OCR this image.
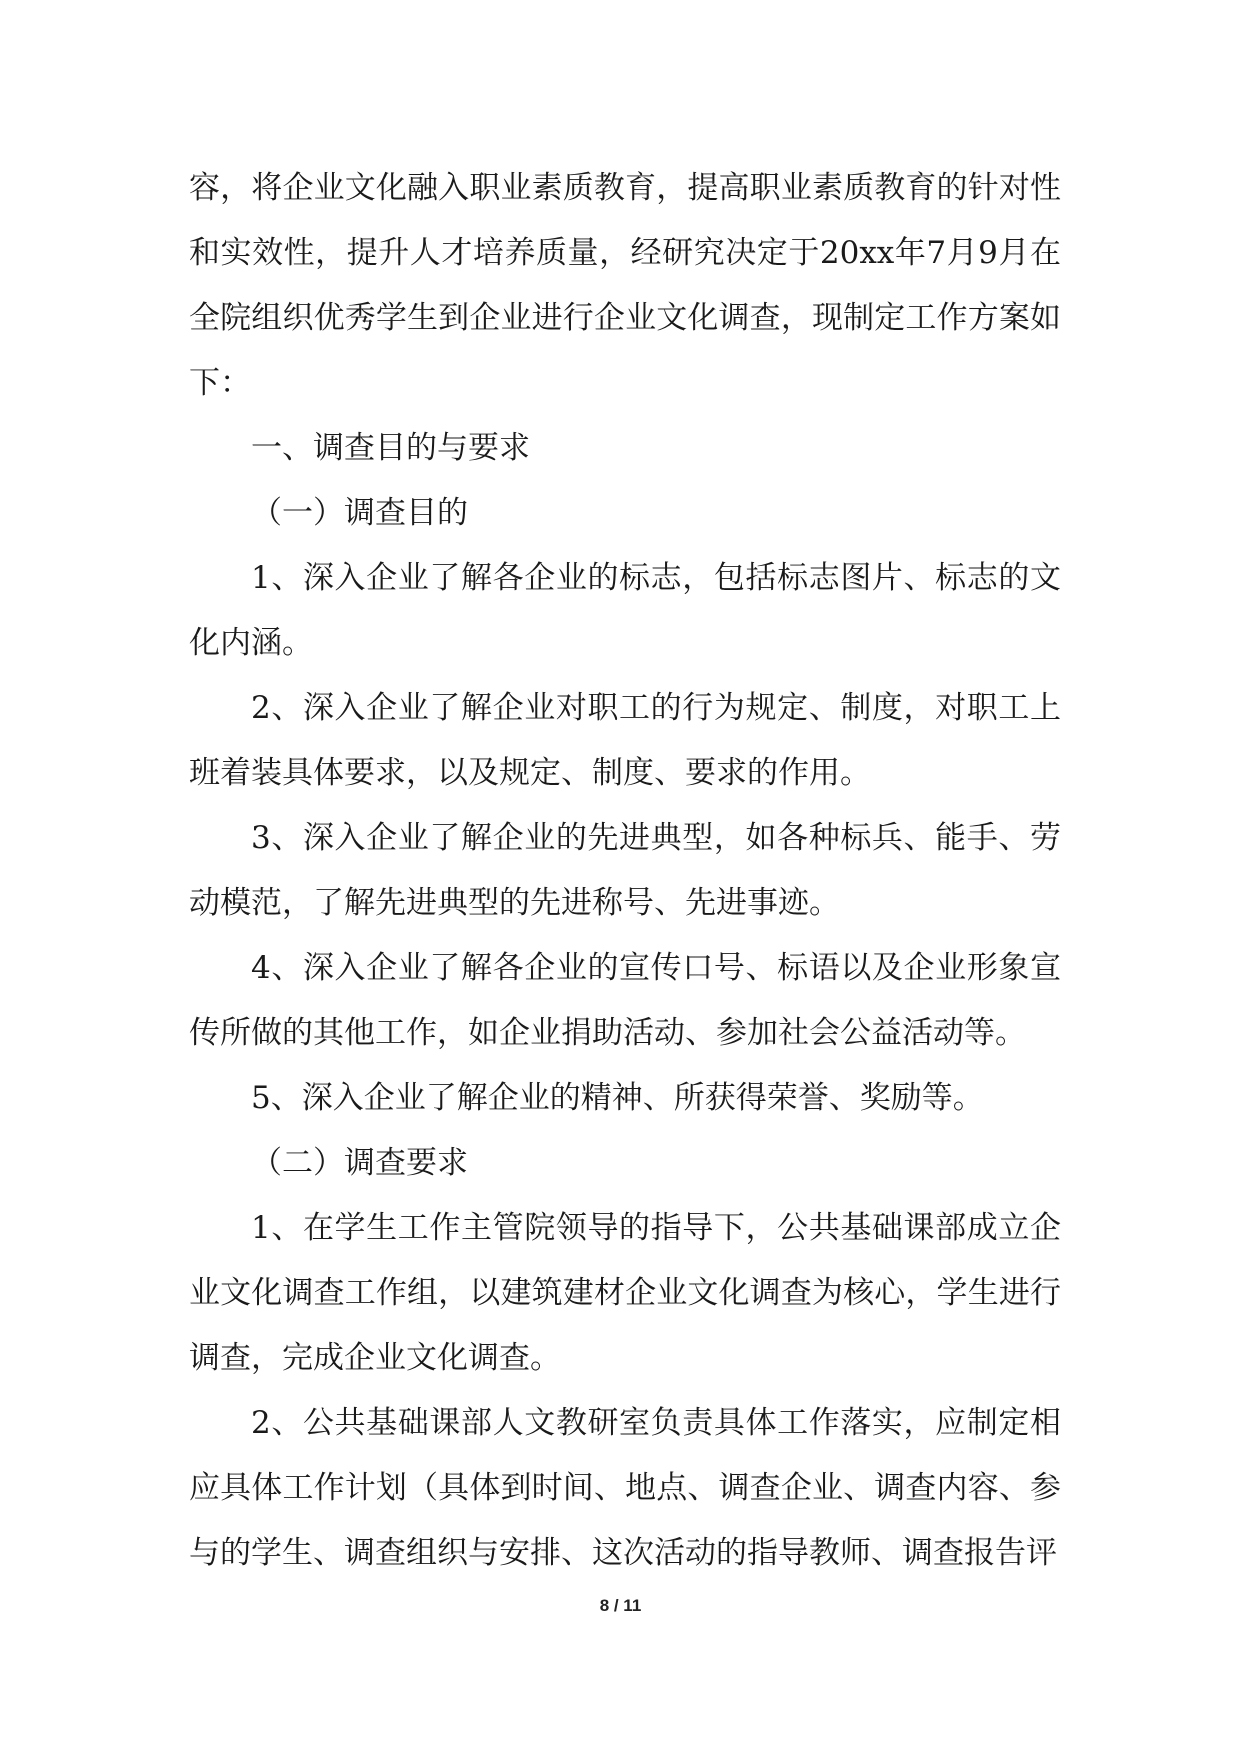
容，将企业文化融入职业素质教育，提高职业素质教育的针对性和实效性，提升人才培养质量，经研究决定于20xx年7月9月在全院组织优秀学生到企业进行企业文化调查，现制定工作方案如下：

一、调查目的与要求

（一）调查目的

1、深入企业了解各企业的标志，包括标志图片、标志的文化内涵。

2、深入企业了解企业对职工的行为规定、制度，对职工上班着装具体要求，以及规定、制度、要求的作用。

3、深入企业了解企业的先进典型，如各种标兵、能手、劳动模范，了解先进典型的先进称号、先进事迹。

4、深入企业了解各企业的宣传口号、标语以及企业形象宣传所做的其他工作，如企业捐助活动、参加社会公益活动等。

5、深入企业了解企业的精神、所获得荣誉、奖励等。

（二）调查要求

1、在学生工作主管院领导的指导下，公共基础课部成立企业文化调查工作组，以建筑建材企业文化调查为核心，学生进行调查，完成企业文化调查。

2、公共基础课部人文教研室负责具体工作落实，应制定相应具体工作计划（具体到时间、地点、调查企业、调查内容、参与的学生、调查组织与安排、这次活动的指导教师、调查报告评

8 / 11
